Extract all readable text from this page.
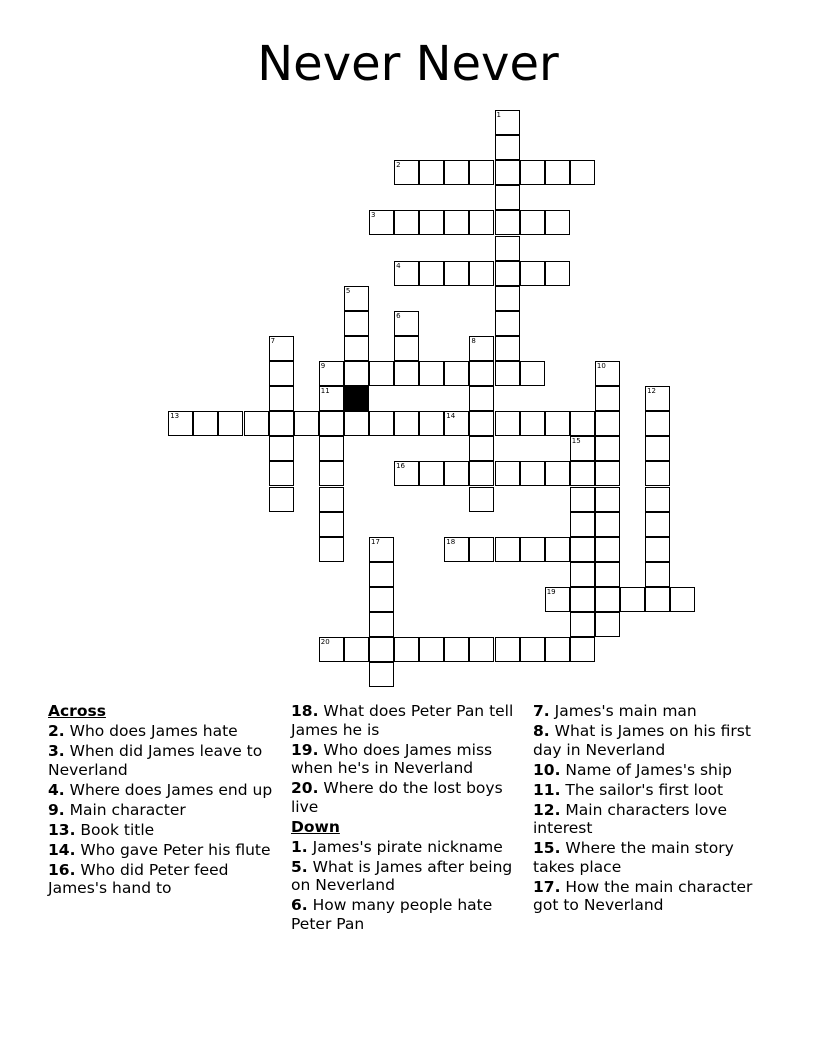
Never Never
1
2
3
4
5
6
7	8
9	10
11	12
13	14
15
16
17	18
19
20
Across
2. Who does James hate
3. When did James leave to Neverland
4. Where does James end up
9. Main character
13. Book title
14. Who gave Peter his flute
16. Who did Peter feed James's hand to
18. What does Peter Pan tell James he is
19. Who does James miss when he's in Neverland
20. Where do the lost boys live
Down
1. James's pirate nickname
5. What is James after being on Neverland
6. How many people hate Peter Pan
7. James's main man
8. What is James on his first day in Neverland
10. Name of James's ship
11. The sailor's first loot
12. Main characters love interest
15. Where the main story takes place
17. How the main character got to Neverland
